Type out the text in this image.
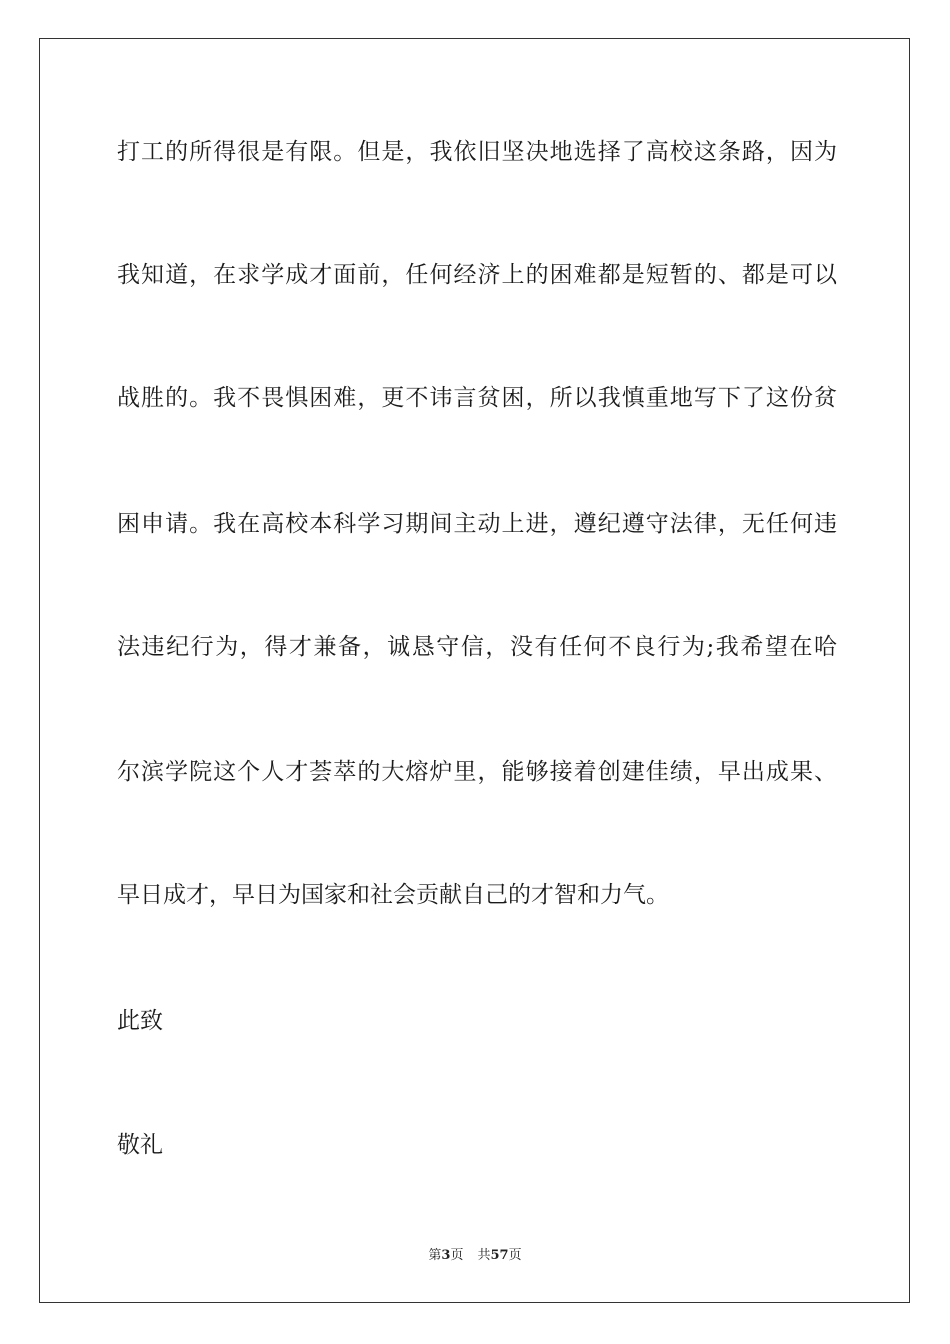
打工的所得很是有限。但是，我依旧坚决地选择了高校这条路，因为
我知道，在求学成才面前，任何经济上的困难都是短暂的、都是可以
战胜的。我不畏惧困难，更不讳言贫困，所以我慎重地写下了这份贫
困申请。我在高校本科学习期间主动上进，遵纪遵守法律，无任何违
法违纪行为，得才兼备，诚恳守信，没有任何不良行为;我希望在哈
尔滨学院这个人才荟萃的大熔炉里，能够接着创建佳绩，早出成果、
早日成才，早日为国家和社会贡献自己的才智和力气。
此致
敬礼
第3页 共57页
